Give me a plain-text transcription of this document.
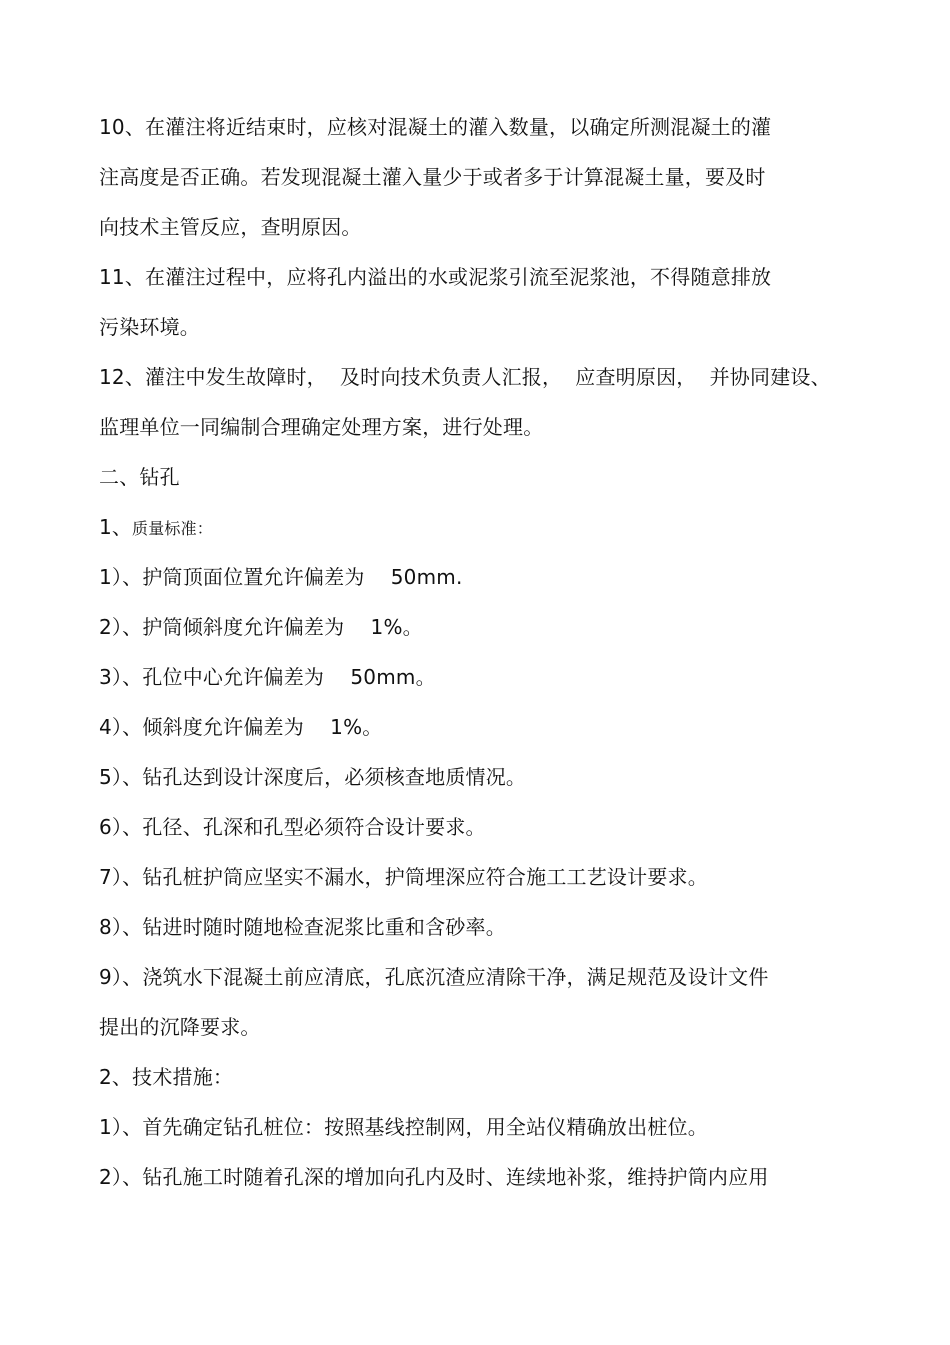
10、在灌注将近结束时，应核对混凝土的灌入数量，以确定所测混凝土的灌
注高度是否正确。若发现混凝土灌入量少于或者多于计算混凝土量，要及时
向技术主管反应，查明原因。
11、在灌注过程中，应将孔内溢出的水或泥浆引流至泥浆池，不得随意排放
污染环境。
12、灌注中发生故障时，  及时向技术负责人汇报，  应查明原因，  并协同建设、
监理单位一同编制合理确定处理方案，进行处理。
二、钻孔
1、 质量标准：
1）、护筒顶面位置允许偏差为    50mm.
2）、护筒倾斜度允许偏差为    1%。
3）、孔位中心允许偏差为    50mm。
4）、倾斜度允许偏差为    1%。
5）、钻孔达到设计深度后，必须核查地质情况。
6）、孔径、孔深和孔型必须符合设计要求。
7）、钻孔桩护筒应坚实不漏水，护筒埋深应符合施工工艺设计要求。
8）、钻进时随时随地检查泥浆比重和含砂率。
9）、浇筑水下混凝土前应清底，孔底沉渣应清除干净，满足规范及设计文件
提出的沉降要求。
2、技术措施：
1）、首先确定钻孔桩位：按照基线控制网，用全站仪精确放出桩位。
2）、钻孔施工时随着孔深的增加向孔内及时、连续地补浆，维持护筒内应用
